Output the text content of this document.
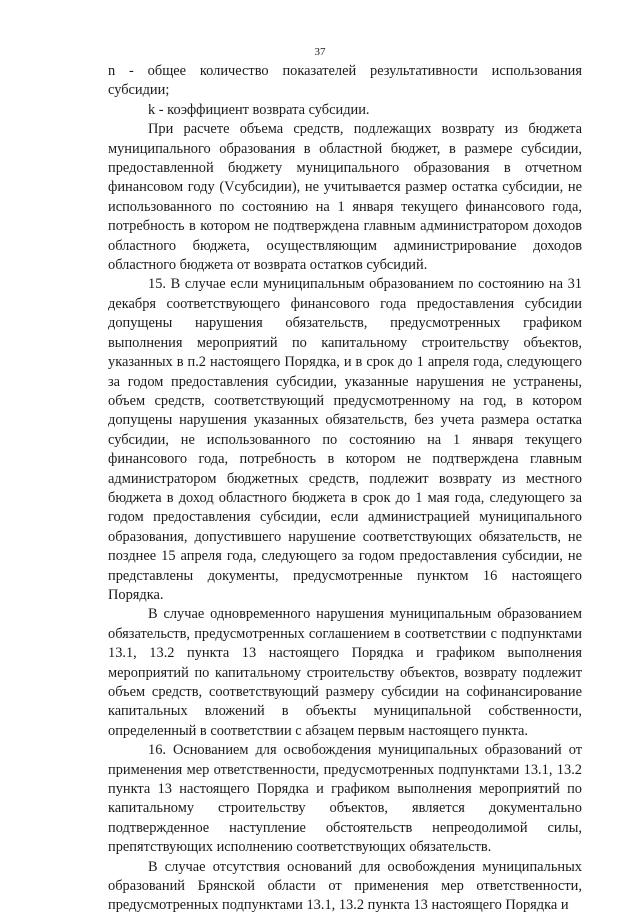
37

n - общее количество показателей результативности использования субсидии;

k - коэффициент возврата субсидии.

При расчете объема средств, подлежащих возврату из бюджета муниципального образования в областной бюджет, в размере субсидии, предоставленной бюджету муниципального образования в отчетном финансовом году (Vсубсидии), не учитывается размер остатка субсидии, не использованного по состоянию на 1 января текущего финансового года, потребность в котором не подтверждена главным администратором доходов областного бюджета, осуществляющим администрирование доходов областного бюджета от возврата остатков субсидий.

15. В случае если муниципальным образованием по состоянию на 31 декабря соответствующего финансового года предоставления субсидии допущены нарушения обязательств, предусмотренных графиком выполнения мероприятий по капитальному строительству объектов, указанных в п.2 настоящего Порядка, и в срок до 1 апреля года, следующего за годом предоставления субсидии, указанные нарушения не устранены, объем средств, соответствующий предусмотренному на год, в котором допущены нарушения указанных обязательств, без учета размера остатка субсидии, не использованного по состоянию на 1 января текущего финансового года, потребность в котором не подтверждена главным администратором бюджетных средств, подлежит возврату из местного бюджета в доход областного бюджета в срок до 1 мая года, следующего за годом предоставления субсидии, если администрацией муниципального образования, допустившего нарушение соответствующих обязательств, не позднее 15 апреля года, следующего за годом предоставления субсидии, не представлены документы, предусмотренные пунктом 16 настоящего Порядка.

В случае одновременного нарушения муниципальным образованием обязательств, предусмотренных соглашением в соответствии с подпунктами 13.1, 13.2 пункта 13 настоящего Порядка и графиком выполнения мероприятий по капитальному строительству объектов, возврату подлежит объем средств, соответствующий размеру субсидии на софинансирование капитальных вложений в объекты муниципальной собственности, определенный в соответствии с абзацем первым настоящего пункта.

16. Основанием для освобождения муниципальных образований от применения мер ответственности, предусмотренных подпунктами 13.1, 13.2 пункта 13 настоящего Порядка и графиком выполнения мероприятий по капитальному строительству объектов, является документально подтвержденное наступление обстоятельств непреодолимой силы, препятствующих исполнению соответствующих обязательств.

В случае отсутствия оснований для освобождения муниципальных образований Брянской области от применения мер ответственности, предусмотренных подпунктами 13.1, 13.2 пункта 13 настоящего Порядка и
